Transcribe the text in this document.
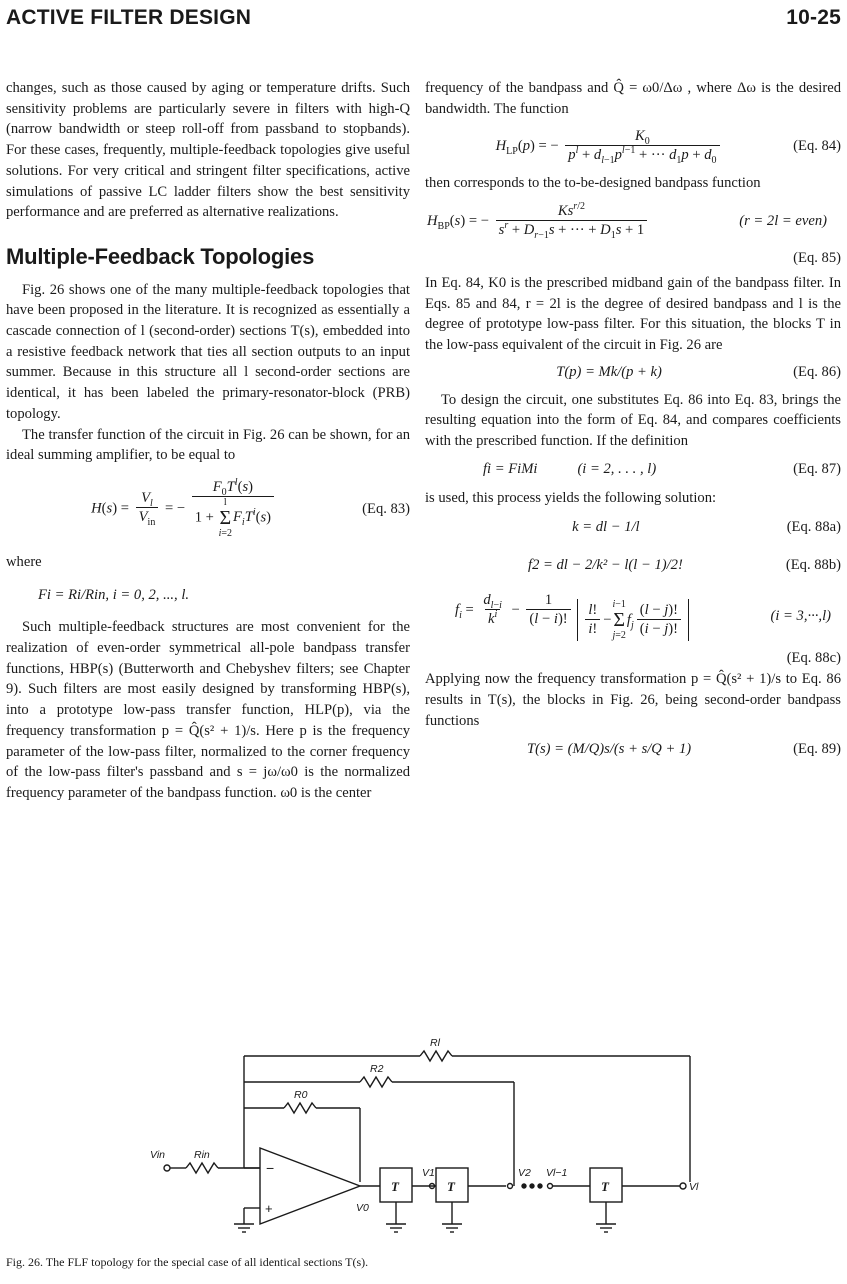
ACTIVE FILTER DESIGN	10-25

changes, such as those caused by aging or temperature drifts. Such sensitivity problems are particularly severe in filters with high-Q (narrow bandwidth or steep roll-off from passband to stopbands). For these cases, frequently, multiple-feedback topologies give useful solutions. For very critical and stringent filter specifications, active simulations of passive LC ladder filters show the best sensitivity performance and are preferred as alternative realizations.

Multiple-Feedback Topologies

Fig. 26 shows one of the many multiple-feedback topologies that have been proposed in the literature. It is recognized as essentially a cascade connection of l (second-order) sections T(s), embedded into a resistive feedback network that ties all section outputs to an input summer. Because in this structure all l second-order sections are identical, it has been labeled the primary-resonator-block (PRB) topology.

The transfer function of the circuit in Fig. 26 can be shown, for an ideal summing amplifier, to be equal to

$H(s) = \frac{V_l}{V_{in}}$ = − $F_0T^l(s)$
1 +
l
Σ
i=2
$F_iT^i(s)$	(Eq. 83)

where

Fi = Ri/Rin, i = 0, 2, ..., l.

Such multiple-feedback structures are most convenient for the realization of even-order symmetrical all-pole bandpass transfer functions, HBP(s) (Butterworth and Chebyshev filters; see Chapter 9). Such filters are most easily designed by transforming HBP(s), into a prototype low-pass transfer function, HLP(p), via the frequency transformation p = Q̂(s² + 1)/s. Here p is the frequency parameter of the low-pass filter, normalized to the corner frequency of the low-pass filter's passband and s = jω/ω0 is the normalized frequency parameter of the bandpass function. ω0 is the center

frequency of the bandpass and Q̂ = ω0/Δω , where Δω is the desired bandwidth. The function

$H_{LP}(p)$ = − $\frac{K_0}{p^l + d_{l-1}p^{l-1} + \cdot\cdot\cdot d_1p + d_0}$	(Eq. 84)

then corresponds to the to-be-designed bandpass function

$H_{BP}(s)$ = − $\frac{Ks^{r/2}}{s^r + D_{r-1}s + \cdot\cdot\cdot + D_1s + 1}$	(r = 2l = even)
(Eq. 85)

In Eq. 84, K0 is the prescribed midband gain of the bandpass filter. In Eqs. 85 and 84, r = 2l is the degree of desired bandpass and l is the degree of prototype low-pass filter. For this situation, the blocks T in the low-pass equivalent of the circuit in Fig. 26 are

T(p) = Mk/(p + k)	(Eq. 86)

To design the circuit, one substitutes Eq. 86 into Eq. 83, brings the resulting equation into the form of Eq. 84, and compares coefficients with the prescribed function. If the definition

fi = FiMi	(i = 2, . . . , l)	(Eq. 87)

is used, this process yields the following solution:

k = dl − 1/l	(Eq. 88a)
f2 = dl − 2/k² − l(l − 1)/2!	(Eq. 88b)
$f_i = \frac{d_{l-i}}{k^i} - \frac{1}{(l - i)!}$
$\frac{l!}{i!}$ −
i−1
Σ
j=2
$f_j \frac{(l - j)!}{(i - j)!}$	(i = 3,···,l)
(Eq. 88c)

Applying now the frequency transformation p = Q̂(s² + 1)/s to Eq. 86 results in T(s), the blocks in Fig. 26, being second-order bandpass functions

T(s) = (M/Q)s/(s + s/Q + 1)	(Eq. 89)
Rl
R2
R0
Rin
Vin
−
+	V0
T	T	T
V1	V2 Vl−1
Vl
Fig. 26. The FLF topology for the special case of all identical sections T(s).
